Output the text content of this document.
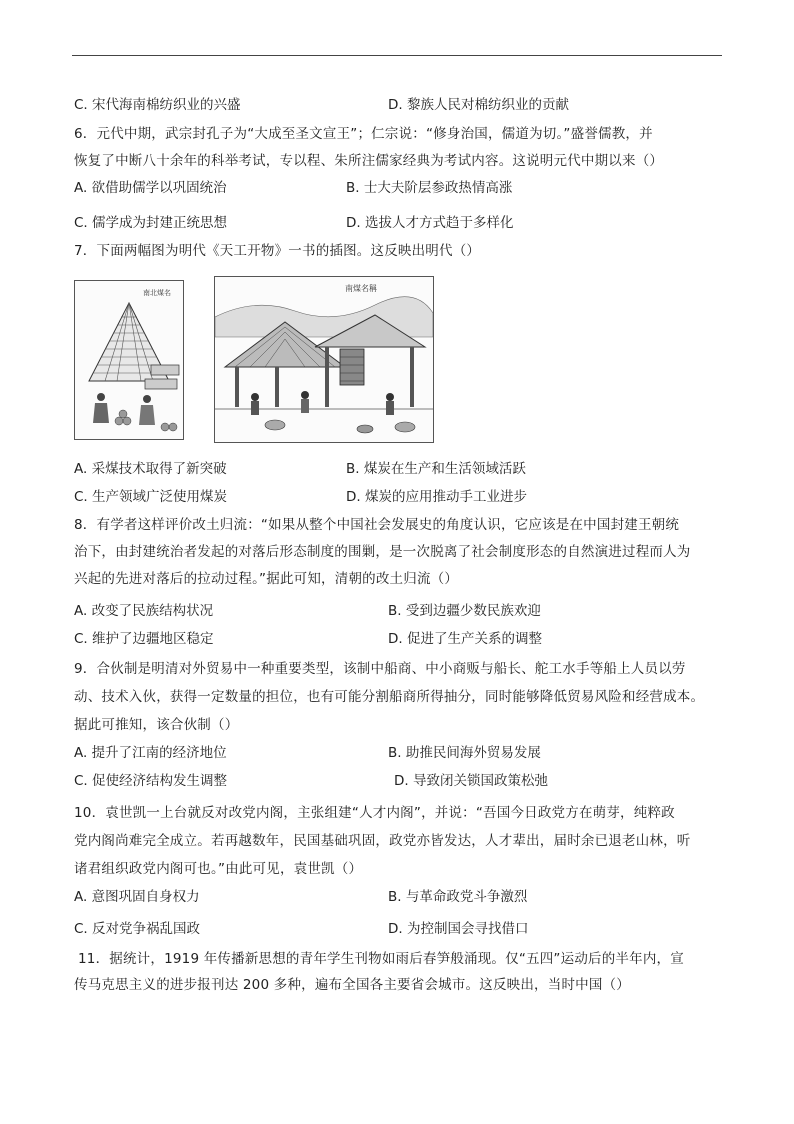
C. 宋代海南棉纺织业的兴盛	D. 黎族人民对棉纺织业的贡献
6．元代中期，武宗封孔子为“大成至圣文宣王”；仁宗说：“修身治国，儒道为切。”盛誉儒教，并
恢复了中断八十余年的科举考试，专以程、朱所注儒家经典为考试内容。这说明元代中期以来（）
A. 欲借助儒学以巩固统治	B. 士大夫阶层参政热情高涨
C. 儒学成为封建正统思想	D. 选拔人才方式趋于多样化
7．下面两幅图为明代《天工开物》一书的插图。这反映出明代（）
南北煤名	南煤名稱
A. 采煤技术取得了新突破	B. 煤炭在生产和生活领域活跃
C. 生产领域广泛使用煤炭	D. 煤炭的应用推动手工业进步
8．有学者这样评价改土归流：“如果从整个中国社会发展史的角度认识，它应该是在中国封建王朝统
治下，由封建统治者发起的对落后形态制度的围剿，是一次脱离了社会制度形态的自然演进过程而人为
兴起的先进对落后的拉动过程。”据此可知，清朝的改土归流（）
A. 改变了民族结构状况	B. 受到边疆少数民族欢迎
C. 维护了边疆地区稳定	D. 促进了生产关系的调整
9．合伙制是明清对外贸易中一种重要类型，该制中船商、中小商贩与船长、舵工水手等船上人员以劳
动、技术入伙，获得一定数量的担位，也有可能分割船商所得抽分，同时能够降低贸易风险和经营成本。
据此可推知，该合伙制（）
A. 提升了江南的经济地位	B. 助推民间海外贸易发展
C. 促使经济结构发生调整	D. 导致闭关锁国政策松弛
10．袁世凯一上台就反对改党内阁，主张组建“人才内阁”，并说：“吾国今日政党方在萌芽，纯粹政
党内阁尚难完全成立。若再越数年，民国基础巩固，政党亦皆发达，人才辈出，届时余已退老山林，听
诸君组织政党内阁可也。”由此可见，袁世凯（）
A. 意图巩固自身权力	B. 与革命政党斗争激烈
C. 反对党争祸乱国政	D. 为控制国会寻找借口
11．据统计，1919 年传播新思想的青年学生刊物如雨后春笋般涌现。仅“五四”运动后的半年内，宣
传马克思主义的进步报刊达 200 多种，遍布全国各主要省会城市。这反映出，当时中国（）
